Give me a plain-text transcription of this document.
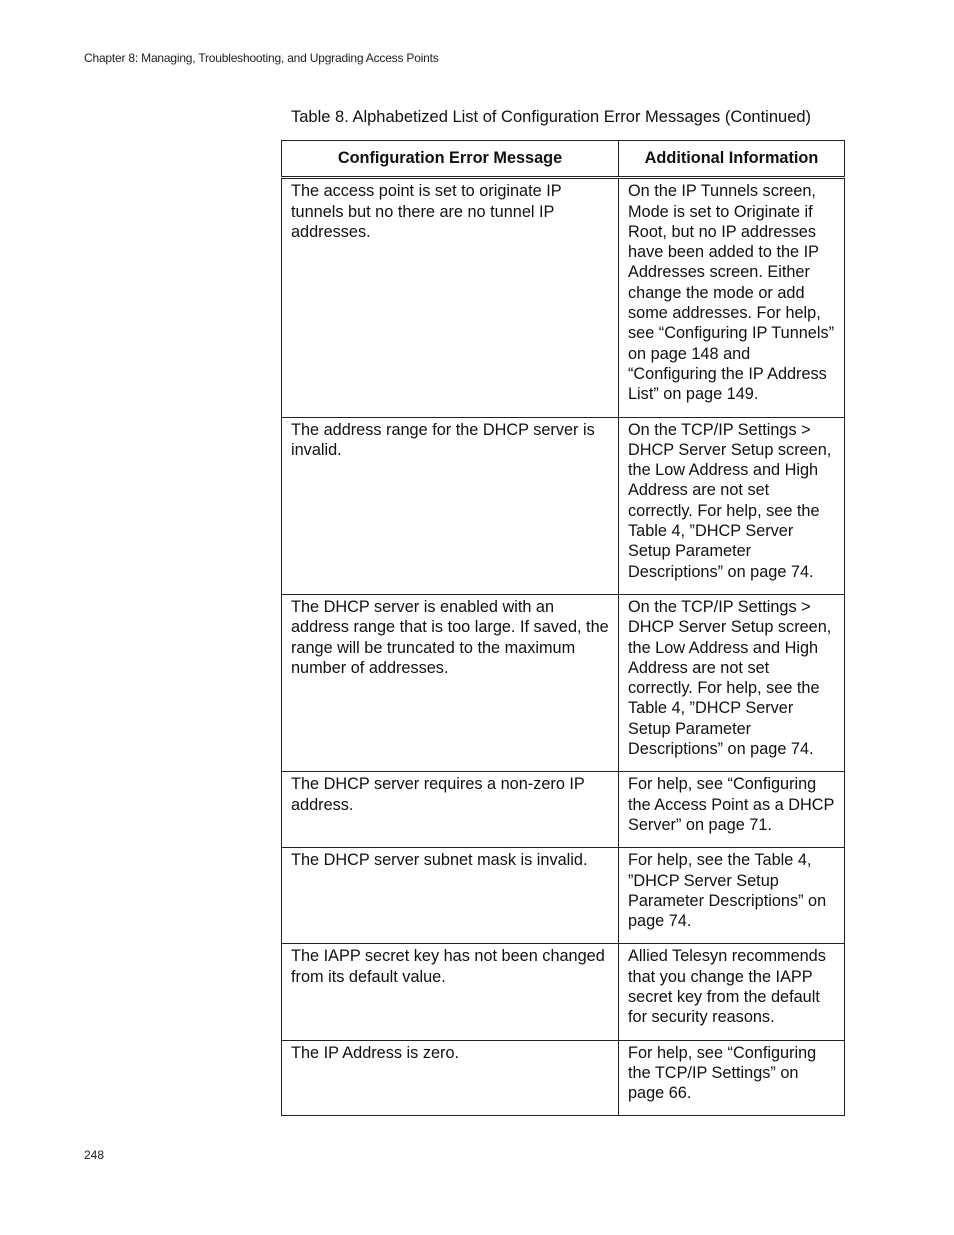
Chapter 8: Managing, Troubleshooting, and Upgrading Access Points
Table 8. Alphabetized List of Configuration Error Messages (Continued)
Configuration Error Message	Additional Information
The access point is set to originate IP tunnels but no there are no tunnel IP addresses.	On the IP Tunnels screen, Mode is set to Originate if Root, but no IP addresses have been added to the IP Addresses screen. Either change the mode or add some addresses. For help, see “Configuring IP Tunnels” on page 148 and “Configuring the IP Address List” on page 149.
The address range for the DHCP server is invalid.	On the TCP/IP Settings > DHCP Server Setup screen, the Low Address and High Address are not set correctly. For help, see the Table 4, ”DHCP Server Setup Parameter Descriptions” on page 74.
The DHCP server is enabled with an address range that is too large. If saved, the range will be truncated to the maximum number of addresses.	On the TCP/IP Settings > DHCP Server Setup screen, the Low Address and High Address are not set correctly. For help, see the Table 4, ”DHCP Server Setup Parameter Descriptions” on page 74.
The DHCP server requires a non-zero IP address.	For help, see “Configuring the Access Point as a DHCP Server” on page 71.
The DHCP server subnet mask is invalid.	For help, see the Table 4, ”DHCP Server Setup Parameter Descriptions” on page 74.
The IAPP secret key has not been changed from its default value.	Allied Telesyn recommends that you change the IAPP secret key from the default for security reasons.
The IP Address is zero.	For help, see “Configuring the TCP/IP Settings” on page 66.
248
